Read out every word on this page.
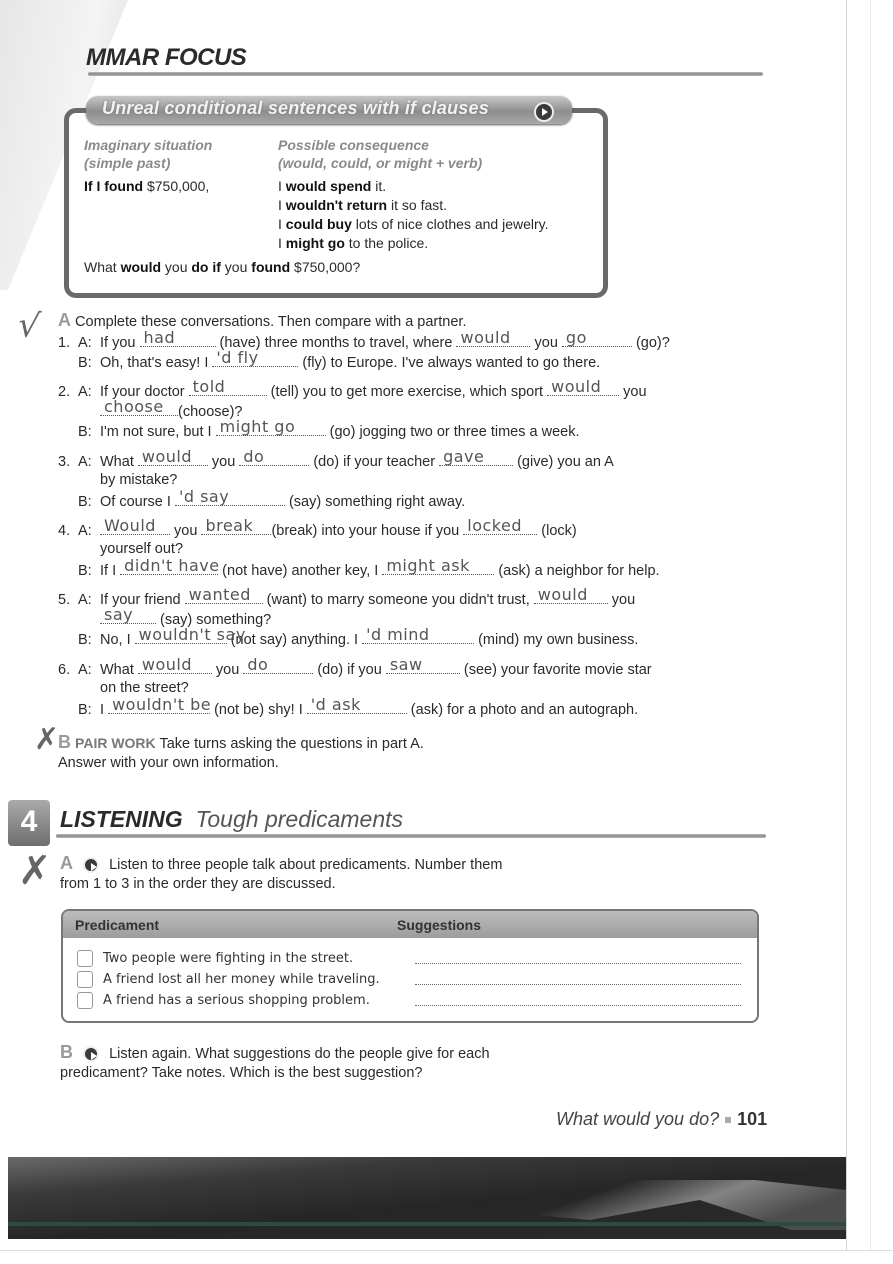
MMAR FOCUS
Unreal conditional sentences with if clauses
Imaginary situation
(simple past)
Possible consequence
(would, could, or might + verb)
If I found $750,000,	I would spend it.
I wouldn't return it so fast.
I could buy lots of nice clothes and jewelry.
I might go to the police.
What would you do if you found $750,000?
√ A Complete these conversations. Then compare with a partner.
1. A: If you had	(have) three months to travel, where would you go	(go)?
B: Oh, that's easy! I 'd fly	(fly) to Europe. I've always wanted to go there.
2. A: If your doctor told	(tell) you to get more exercise, which sport would you
choose (choose)?
B: I'm not sure, but I might go (go) jogging two or three times a week.
3. A: What would you do	(do) if your teacher gave (give) you an A
by mistake?
B: Of course I 'd say	(say) something right away.
4. A: Would you break (break) into your house if you locked (lock)
yourself out?
B: If I didn't have
(not have) another key, I might ask (ask) a neighbor for help.
5. A: If your friend wanted (want) to marry someone you didn't trust, would you
say (say) something?
B: No, I wouldn't say
(not say) anything. I 'd mind	(mind) my own business.
6. A: What would you do	(do) if you saw	(see) your favorite movie star
on the street?
B: I wouldn't be
(not be) shy! I 'd ask	(ask) for a photo and an autograph.
✗
B PAIR WORK Take turns asking the questions in part A.
Answer with your own information.
4 LISTENING Tough predicaments
✗ A Listen to three people talk about predicaments. Number them
from 1 to 3 in the order they are discussed.
Predicament	Suggestions
Two people were fighting in the street.
A friend lost all her money while traveling.
A friend has a serious shopping problem.
B Listen again. What suggestions do the people give for each
predicament? Take notes. Which is the best suggestion?
What would you do? 101
